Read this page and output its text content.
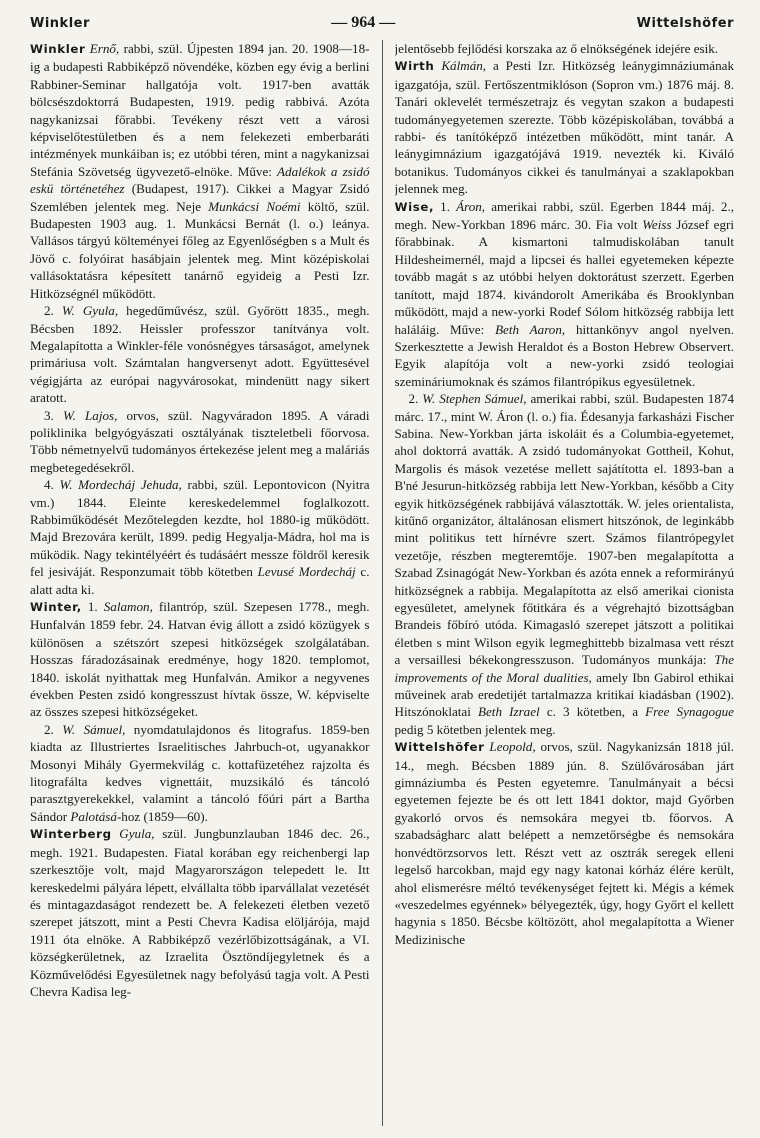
Winkler	— 964 —	Wittelshöfer

Winkler Ernő, rabbi, szül. Újpesten 1894 jan. 20. 1908—18-ig a budapesti Rabbiképző növendéke, közben egy évig a berlini Rabbiner-Seminar hallgatója volt. 1917-ben avatták bölcsészdoktorrá Budapesten, 1919. pedig rabbivá. Azóta nagykanizsai főrabbi. Tevékeny részt vett a városi képviselőtestületben és a nem felekezeti emberbaráti intézmények munkáiban is; ez utóbbi téren, mint a nagykanizsai Stefánia Szövetség ügyvezető-elnöke. Műve: Adalékok a zsidó eskü történetéhez (Budapest, 1917). Cikkei a Magyar Zsidó Szemlében jelentek meg. Neje Munkácsi Noémi költő, szül. Budapesten 1903 aug. 1. Munkácsi Bernát (l. o.) leánya. Vallásos tárgyú költeményei főleg az Egyenlőségben s a Mult és Jövő c. folyóirat hasábjain jelentek meg. Mint középiskolai vallásoktatásra képesített tanárnő egyideig a Pesti Izr. Hitközségnél működött.

2. W. Gyula, hegedűművész, szül. Győrött 1835., megh. Bécsben 1892. Heissler professzor tanítványa volt. Megalapította a Winkler-féle vonósnégyes társaságot, amelynek primáriusa volt. Számtalan hangversenyt adott. Együttesével végigjárta az európai nagyvárosokat, mindenütt nagy sikert aratott.

3. W. Lajos, orvos, szül. Nagyváradon 1895. A váradi poliklinika belgyógyászati osztályának tiszteletbeli főorvosa. Több németnyelvű tudományos értekezése jelent meg a maláriás megbetegedésekről.

4. W. Mordecháj Jehuda, rabbi, szül. Lepontovicon (Nyitra vm.) 1844. Eleinte kereskedelemmel foglalkozott. Rabbiműködését Mezőtelegden kezdte, hol 1880-ig működött. Majd Brezovára került, 1899. pedig Hegyalja-Mádra, hol ma is működik. Nagy tekintélyéért és tudásáért messze földről keresik fel jesiváját. Responzumait több kötetben Levusé Mordecháj c. alatt adta ki.

Winter, 1. Salamon, filantróp, szül. Szepesen 1778., megh. Hunfalván 1859 febr. 24. Hatvan évig állott a zsidó közügyek s különösen a szétszórt szepesi hitközségek szolgálatában. Hosszas fáradozásainak eredménye, hogy 1820. templomot, 1840. iskolát nyithattak meg Hunfalván. Amikor a negyvenes években Pesten zsidó kongresszust hívtak össze, W. képviselte az összes szepesi hitközségeket.

2. W. Sámuel, nyomdatulajdonos és litografus. 1859-ben kiadta az Illustriertes Israelitisches Jahrbuch-ot, ugyanakkor Mosonyi Mihály Gyermekvilág c. kottafüzetéhez rajzolta és litografálta kedves vignettáit, muzsikáló és táncoló parasztgyerekekkel, valamint a táncoló főúri párt a Barthа Sándor Palotásá-hoz (1859—60).

Winterberg Gyula, szül. Jungbunzlauban 1846 dec. 26., megh. 1921. Budapesten. Fiatal korában egy reichenbergi lap szerkesztője volt, majd Magyarországon telepedett le. Itt kereskedelmi pályára lépett, elvállalta több iparvállalat vezetését és mintagazdaságot rendezett be. A felekezeti életben vezető szerepet játszott, mint a Pesti Chevra Kadisa elöljárója, majd 1911 óta elnöke. A Rabbiképző vezérlőbizottságának, a VI. községkerületnek, az Izraelita Ösztöndíjegyletnek és a Közművelődési Egyesületnek nagy befolyású tagja volt. A Pesti Chevra Kadisa leg-

jelentősebb fejlődési korszaka az ő elnökségének idejére esik.

Wirth Kálmán, a Pesti Izr. Hitközség leánygimnáziumának igazgatója, szül. Fertőszentmiklóson (Sopron vm.) 1876 máj. 8. Tanári oklevelét természetrajz és vegytan szakon a budapesti tudományegyetemen szerezte. Több középiskolában, továbbá a rabbi- és tanítóképző intézetben működött, mint tanár. A leánygimnázium igazgatójává 1919. nevezték ki. Kiváló botanikus. Tudományos cikkei és tanulmányai a szaklapokban jelennek meg.

Wise, 1. Áron, amerikai rabbi, szül. Egerben 1844 máj. 2., megh. New-Yorkban 1896 márc. 30. Fia volt Weiss József egri főrabbinak. A kismartoni talmudiskolában tanult Hildesheimernél, majd a lipcsei és hallei egyetemeken képezte tovább magát s az utóbbi helyen doktorátust szerzett. Egerben tanított, majd 1874. kivándorolt Amerikába és Brooklynban működött, majd a new-yorki Rodef Sólom hitközség rabbija lett haláláig. Műve: Beth Aaron, hittankönyv angol nyelven. Szerkesztette a Jewish Heraldot és a Boston Hebrew Observert. Egyik alapítója volt a new-yorki zsidó teologiai szemináriumoknak és számos filantrópikus egyesületnek.

2. W. Stephen Sámuel, amerikai rabbi, szül. Budapesten 1874 márc. 17., mint W. Áron (l. o.) fia. Édesanyja farkasházi Fischer Sabina. New-Yorkban járta iskoláit és a Columbia-egyetemet, ahol doktorrá avatták. A zsidó tudományokat Gottheil, Kohut, Margolis és mások vezetése mellett sajátította el. 1893-ban a B'né Jesurun-hitközség rabbija lett New-Yorkban, később a City egyik hitközségének rabbijává választották. W. jeles orientalista, kitűnő organizátor, általánosan elismert hitszónok, de leginkább mint politikus tett hírnévre szert. Számos filantrópegylet vezetője, részben megteremtője. 1907-ben megalapította a Szabad Zsinagógát New-Yorkban és azóta ennek a reformirányú hitközségnek a rabbija. Megalapította az első amerikai cionista egyesületet, amelynek főtitkára és a végrehajtó bizottságban Brandeis főbíró utóda. Kimagasló szerepet játszott a politikai életben s mint Wilson egyik legmeghittebb bizalmasa vett részt a versaillesi békekongresszuson. Tudományos munkája: The improvements of the Moral dualities, amely Ibn Gabirol ethikai műveinek arab eredetijét tartalmazza kritikai kiadásban (1902). Hitszónoklatai Beth Izrael c. 3 kötetben, a Free Synagogue pedig 5 kötetben jelentek meg.

Wittelshöfer Leopold, orvos, szül. Nagykanizsán 1818 júl. 14., megh. Bécsben 1889 jún. 8. Szülővárosában járt gimnáziumba és Pesten egyetemre. Tanulmányait a bécsi egyetemen fejezte be és ott lett 1841 doktor, majd Győrben gyakorló orvos és nemsokára megyei tb. főorvos. A szabadságharc alatt belépett a nemzetőrségbe és nemsokára honvédtörzsorvos lett. Részt vett az osztrák seregek elleni legelső harcokban, majd egy nagy katonai kórház élére került, ahol elismerésre méltó tevékenységet fejtett ki. Mégis a kémek «veszedelmes egyénnek» bélyegezték, úgy, hogy Győrt el kellett hagynia s 1850. Bécsbe költözött, ahol megalapította a Wiener Medizinische
